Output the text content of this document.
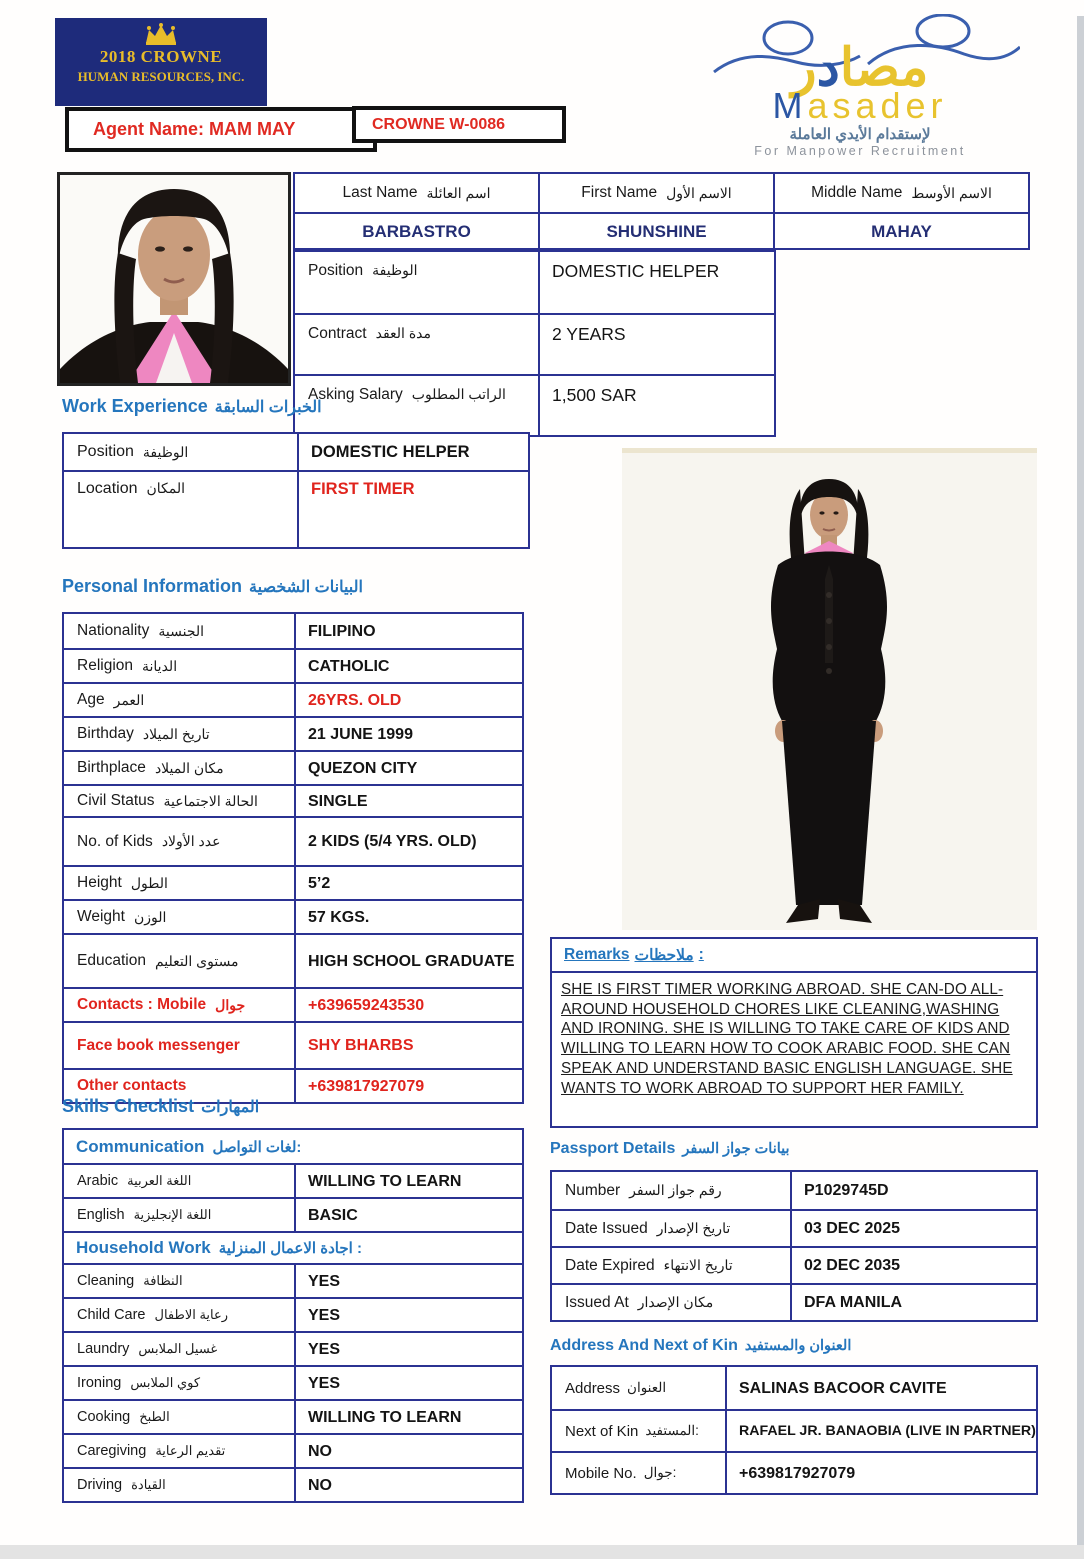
2018 CROWNE
HUMAN RESOURCES, INC.
Agent Name: MAM MAY	CROWNE W-0086
مصادر
Masader
لإستقدام الأيدي العاملة
For Manpower Recruitment
Last Name اسم العائلة	First Name الاسم الأول	Middle Name الاسم الأوسط
BARBASTRO	SHUNSHINE	MAHAY
Position الوظيفة	DOMESTIC HELPER
Contract مدة العقد	2 YEARS
Asking Salary الراتب المطلوب	1,500 SAR
Work Experience الخبرات السابقة
Position الوظيفة	DOMESTIC HELPER
Location المكان	FIRST TIMER
Personal Information البيانات الشخصية
Nationality الجنسية	FILIPINO
Religion الديانة	CATHOLIC
Age العمر	26YRS. OLD
Birthday تاريخ الميلاد	21 JUNE 1999
Birthplace مكان الميلاد	QUEZON CITY
Civil Status الحالة الاجتماعية	SINGLE
No. of Kids عدد الأولاد	2 KIDS (5/4 YRS. OLD)
Height الطول	5’2
Weight الوزن	57 KGS.
Education مستوى التعليم	HIGH SCHOOL GRADUATE
Contacts : Mobile جوال	+639659243530
Face book messenger	SHY BHARBS
Other contacts	+639817927079
Skills Checklist المهارات
Communication لغات التواصل:
Arabic اللغة العربية	WILLING TO LEARN
English اللغة الإنجليزية	BASIC
Household Work اجادة الاعمال المنزلية :
Cleaning النظافة	YES
Child Care رعاية الاطفال	YES
Laundry غسيل الملابس	YES
Ironing كوي الملابس	YES
Cooking الطبخ	WILLING TO LEARN
Caregiving تقديم الرعاية	NO
Driving القيادة	NO
Remarks ملاحظات :
SHE IS FIRST TIMER WORKING ABROAD. SHE CAN-DO ALL-AROUND HOUSEHOLD CHORES LIKE CLEANING,WASHING AND IRONING. SHE IS WILLING TO TAKE CARE OF KIDS AND WILLING TO LEARN HOW TO COOK ARABIC FOOD. SHE CAN SPEAK AND UNDERSTAND BASIC ENGLISH LANGUAGE. SHE WANTS TO WORK ABROAD TO SUPPORT HER FAMILY.
Passport Details بيانات جواز السفر
Number رقم جواز السفر	P1029745D
Date Issued تاريخ الإصدار	03 DEC 2025
Date Expired تاريخ الانتهاء	02 DEC 2035
Issued At مكان الإصدار	DFA MANILA
Address And Next of Kin العنوان والمستفيد
Address العنوان	SALINAS BACOOR CAVITE
Next of Kin المستفيد:	RAFAEL JR. BANAOBIA (LIVE IN PARTNER)
Mobile No. جوال:	+639817927079
